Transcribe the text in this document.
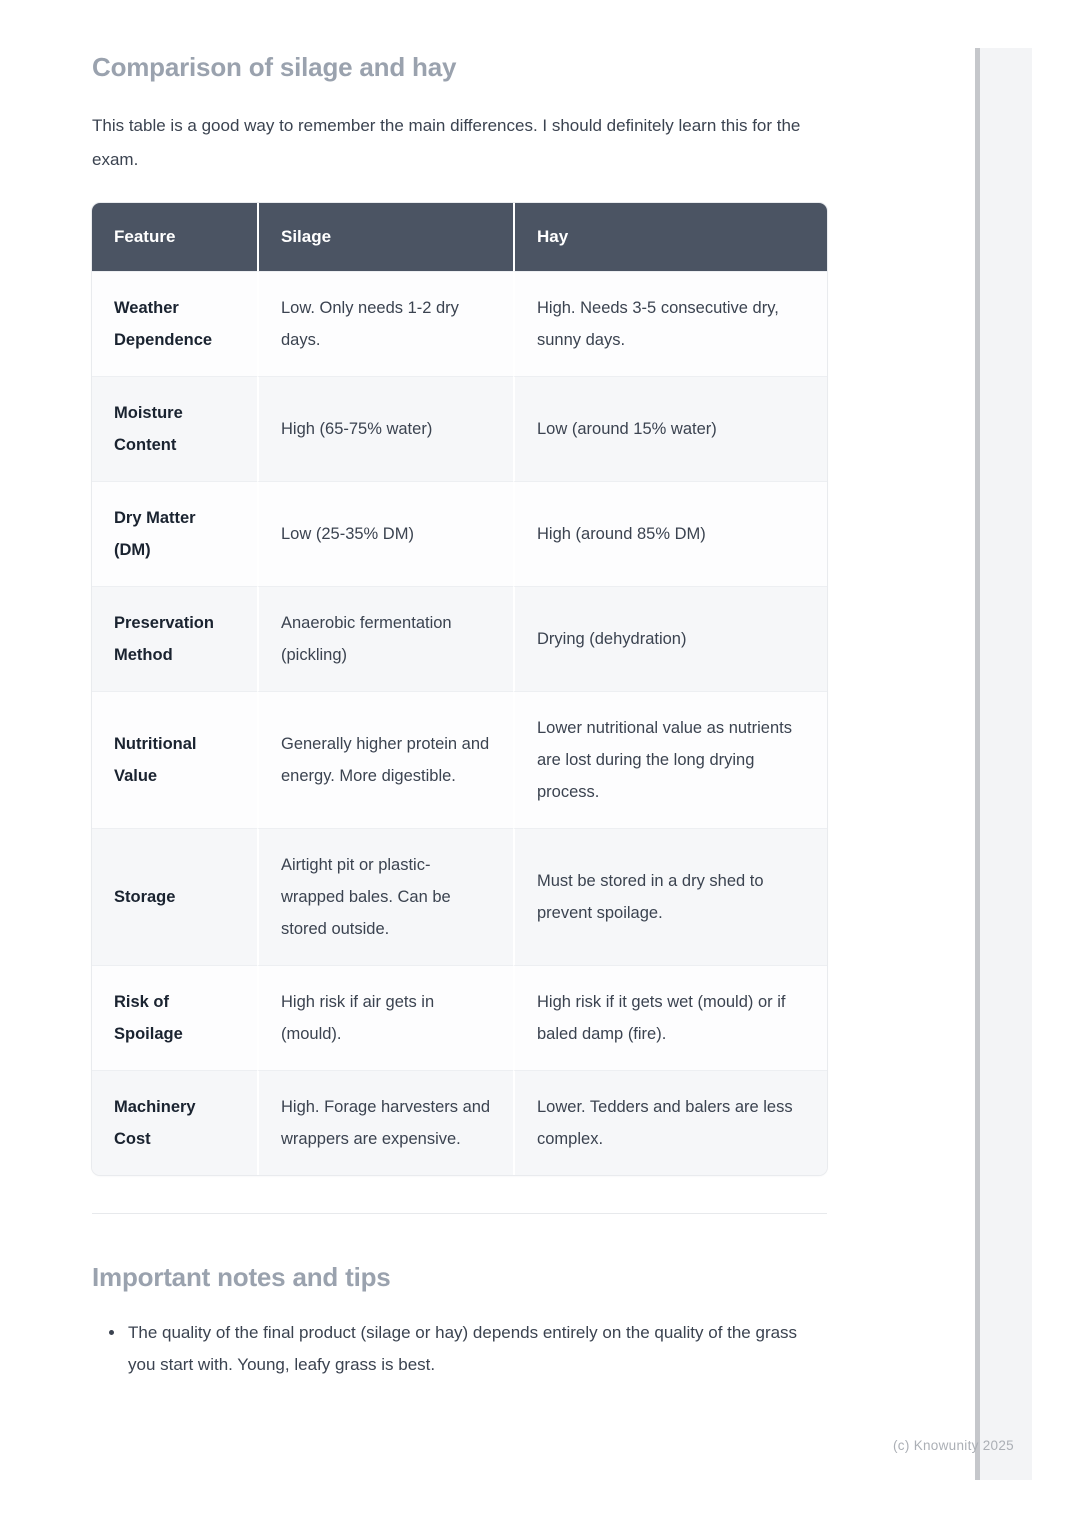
Comparison of silage and hay

This table is a good way to remember the main differences. I should definitely learn this for the exam.

Feature	Silage	Hay
Weather Dependence	Low. Only needs 1-2 dry days.	High. Needs 3-5 consecutive dry, sunny days.
Moisture Content	High (65-75% water)	Low (around 15% water)
Dry Matter (DM)	Low (25-35% DM)	High (around 85% DM)
Preservation Method	Anaerobic fermentation (pickling)	Drying (dehydration)
Nutritional Value	Generally higher protein and energy. More digestible.	Lower nutritional value as nutrients are lost during the long drying process.
Storage	Airtight pit or plastic-wrapped bales. Can be stored outside.	Must be stored in a dry shed to prevent spoilage.
Risk of Spoilage	High risk if air gets in (mould).	High risk if it gets wet (mould) or if baled damp (fire).
Machinery Cost	High. Forage harvesters and wrappers are expensive.	Lower. Tedders and balers are less complex.
Important notes and tips
• The quality of the final product (silage or hay) depends entirely on the quality of the grass you start with. Young, leafy grass is best.
(c) Knowunity 2025
